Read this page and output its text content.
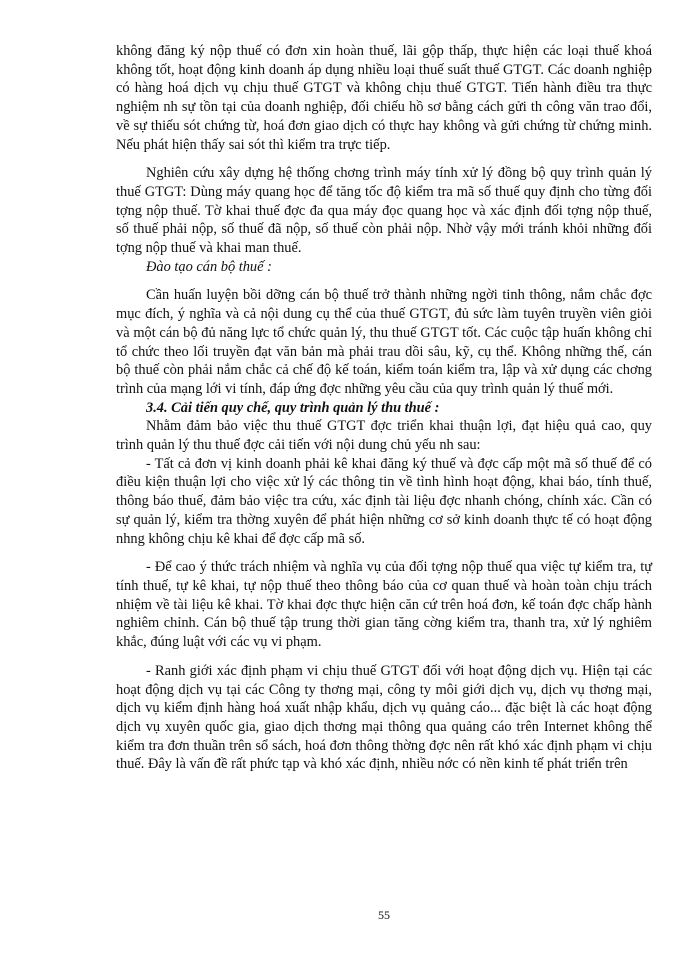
không đăng ký nộp thuế có đơn xin hoàn thuế, lãi gộp thấp, thực hiện các loại thuế khoá không tốt, hoạt động kinh doanh áp dụng nhiều loại thuế suất thuế GTGT. Các doanh nghiệp có hàng hoá dịch vụ chịu thuế GTGT và không chịu thuế GTGT. Tiến hành điều tra thực nghiệm nh sự tồn tại của doanh nghiệp, đối chiếu hồ sơ bằng cách gửi th công văn trao đổi, về sự thiếu sót chứng từ, hoá đơn giao dịch có thực hay không và gửi chứng từ chứng minh. Nếu phát hiện thấy sai sót thì kiểm tra trực tiếp.

Nghiên cứu xây dựng hệ thống chơng trình máy tính xử lý đồng bộ quy trình quản lý thuế GTGT: Dùng máy quang học để tăng tốc độ kiểm tra mã số thuế quy định cho từng đối tợng nộp thuế. Tờ khai thuế đợc đa qua máy đọc quang học và xác định đối tợng nộp thuế, số thuế phải nộp, số thuế đã nộp, số thuế còn phải nộp. Nhờ vậy mới tránh khỏi những đối tợng nộp thuế và khai man thuế.

Đào tạo cán bộ thuế :

Cần huấn luyện bồi dỡng cán bộ thuế trở thành những ngời tinh thông, nắm chắc đợc mục đích, ý nghĩa và cả nội dung cụ thể của thuế GTGT, đủ sức làm tuyên truyền viên giỏi và một cán bộ đủ năng lực tổ chức quản lý, thu thuế GTGT tốt. Các cuộc tập huấn không chỉ tổ chức theo lối truyền đạt văn bản mà phải trau dồi sâu, kỹ, cụ thể. Không những thế, cán bộ thuế còn phải nắm chắc cả chế độ kế toán, kiểm toán kiểm tra, lập và xử dụng các chơng trình của mạng lới vi tính, đáp ứng đợc những yêu cầu của quy trình quản lý thuế mới.

3.4. Cải tiến quy chế, quy trình quản lý thu thuế :

Nhằm đảm bảo việc thu thuế GTGT đợc triển khai thuận lợi, đạt hiệu quả cao, quy trình quản lý thu thuế đợc cải tiến với nội dung chủ yếu nh sau:

- Tất cả đơn vị kinh doanh phải kê khai đăng ký thuế và đợc cấp một mã số thuế để có điều kiện thuận lợi cho việc xử lý các thông tin về tình hình hoạt động, khai báo, tính thuế, thông báo thuế, đảm bảo việc tra cứu, xác định tài liệu đợc nhanh chóng, chính xác. Cần có sự quản lý, kiểm tra thờng xuyên để phát hiện những cơ sở kinh doanh thực tế có hoạt động nhng không chịu kê khai để đợc cấp mã số.

- Để cao ý thức trách nhiệm và nghĩa vụ của đối tợng nộp thuế qua việc tự kiểm tra, tự tính thuế, tự kê khai, tự nộp thuế theo thông báo của cơ quan thuế và hoàn toàn chịu trách nhiệm về tài liệu kê khai. Tờ khai đợc thực hiện căn cứ trên hoá đơn, kế toán đợc chấp hành nghiêm chỉnh. Cán bộ thuế tập trung thời gian tăng cờng kiểm tra, thanh tra, xử lý nghiêm khắc, đúng luật với các vụ vi phạm.

- Ranh giới xác định phạm vi chịu thuế GTGT đối với hoạt động dịch vụ. Hiện tại các hoạt động dịch vụ tại các Công ty thơng mại, công ty môi giới dịch vụ, dịch vụ thơng mại, dịch vụ kiểm định hàng hoá xuất nhập khẩu, dịch vụ quảng cáo... đặc biệt là các hoạt động dịch vụ xuyên quốc gia, giao dịch thơng mại thông qua quảng cáo trên Internet không thể kiểm tra đơn thuần trên sổ sách, hoá đơn thông thờng đợc nên rất khó xác định phạm vi chịu thuế. Đây là vấn đề rất phức tạp và khó xác định, nhiều nớc có nền kinh tế phát triển trên

55
